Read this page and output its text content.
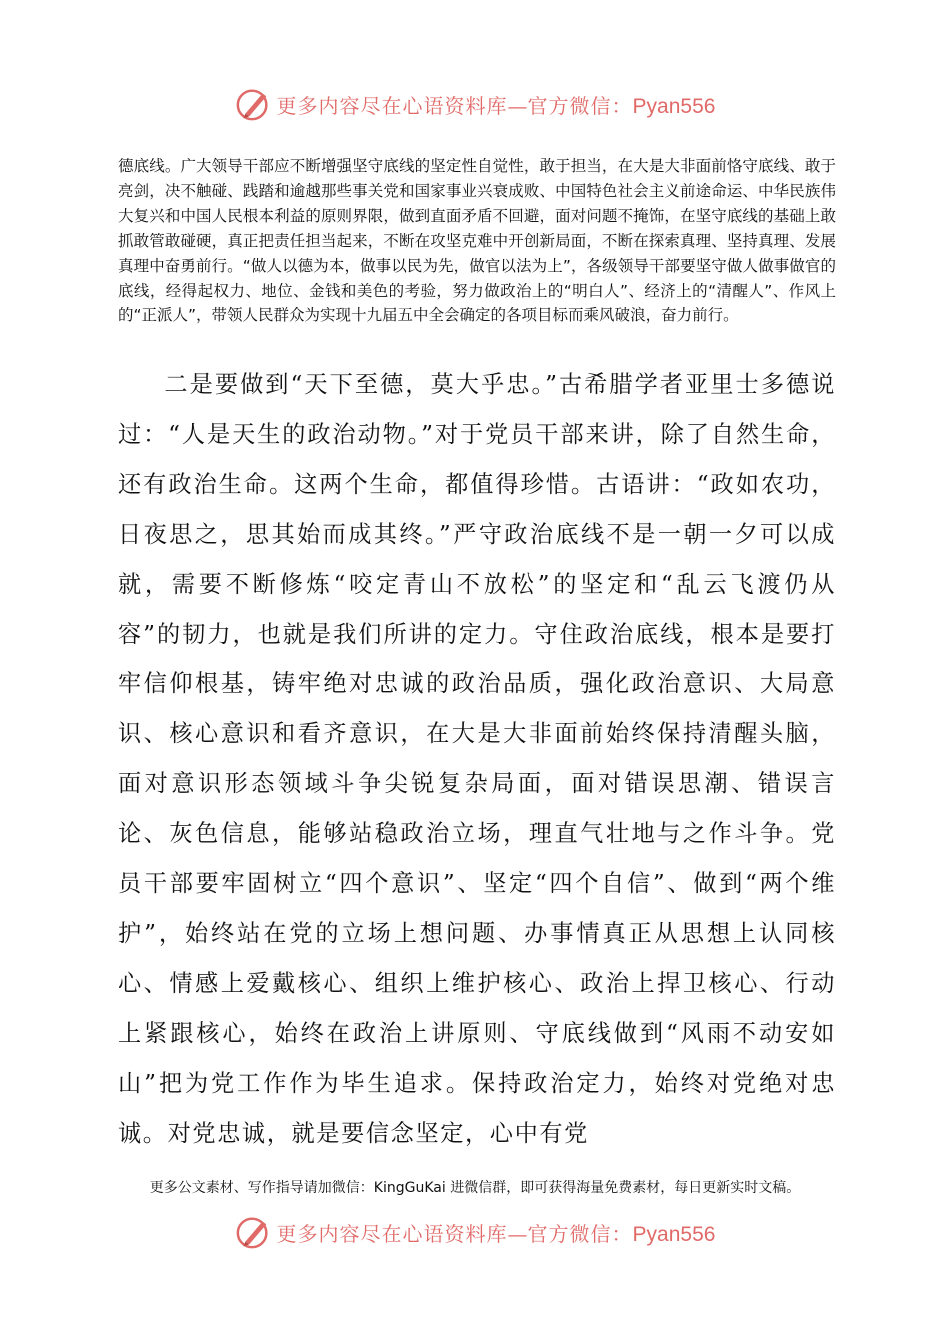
更多内容尽在心语资料库—官方微信：Pyan556

德底线。广大领导干部应不断增强坚守底线的坚定性自觉性，敢于担当，在大是大非面前恪守底线、敢于亮剑，决不触碰、践踏和逾越那些事关党和国家事业兴衰成败、中国特色社会主义前途命运、中华民族伟大复兴和中国人民根本利益的原则界限，做到直面矛盾不回避，面对问题不掩饰，在坚守底线的基础上敢抓敢管敢碰硬，真正把责任担当起来，不断在攻坚克难中开创新局面，不断在探索真理、坚持真理、发展真理中奋勇前行。“做人以德为本，做事以民为先，做官以法为上”，各级领导干部要坚守做人做事做官的底线，经得起权力、地位、金钱和美色的考验，努力做政治上的“明白人”、经济上的“清醒人”、作风上的“正派人”，带领人民群众为实现十九届五中全会确定的各项目标而乘风破浪，奋力前行。

二是要做到“天下至德，莫大乎忠。”古希腊学者亚里士多德说过：“人是天生的政治动物。”对于党员干部来讲，除了自然生命，还有政治生命。这两个生命，都值得珍惜。古语讲：“政如农功，日夜思之，思其始而成其终。”严守政治底线不是一朝一夕可以成就，需要不断修炼“咬定青山不放松”的坚定和“乱云飞渡仍从容”的韧力，也就是我们所讲的定力。守住政治底线，根本是要打牢信仰根基，铸牢绝对忠诚的政治品质，强化政治意识、大局意识、核心意识和看齐意识，在大是大非面前始终保持清醒头脑，面对意识形态领域斗争尖锐复杂局面，面对错误思潮、错误言论、灰色信息，能够站稳政治立场，理直气壮地与之作斗争。党员干部要牢固树立“四个意识”、坚定“四个自信”、做到“两个维护”，始终站在党的立场上想问题、办事情真正从思想上认同核心、情感上爱戴核心、组织上维护核心、政治上捍卫核心、行动上紧跟核心，始终在政治上讲原则、守底线做到“风雨不动安如山”把为党工作作为毕生追求。保持政治定力，始终对党绝对忠诚。对党忠诚，就是要信念坚定，心中有党

更多公文素材、写作指导请加微信：KingGuKai 进微信群，即可获得海量免费素材，每日更新实时文稿。

更多内容尽在心语资料库—官方微信：Pyan556
